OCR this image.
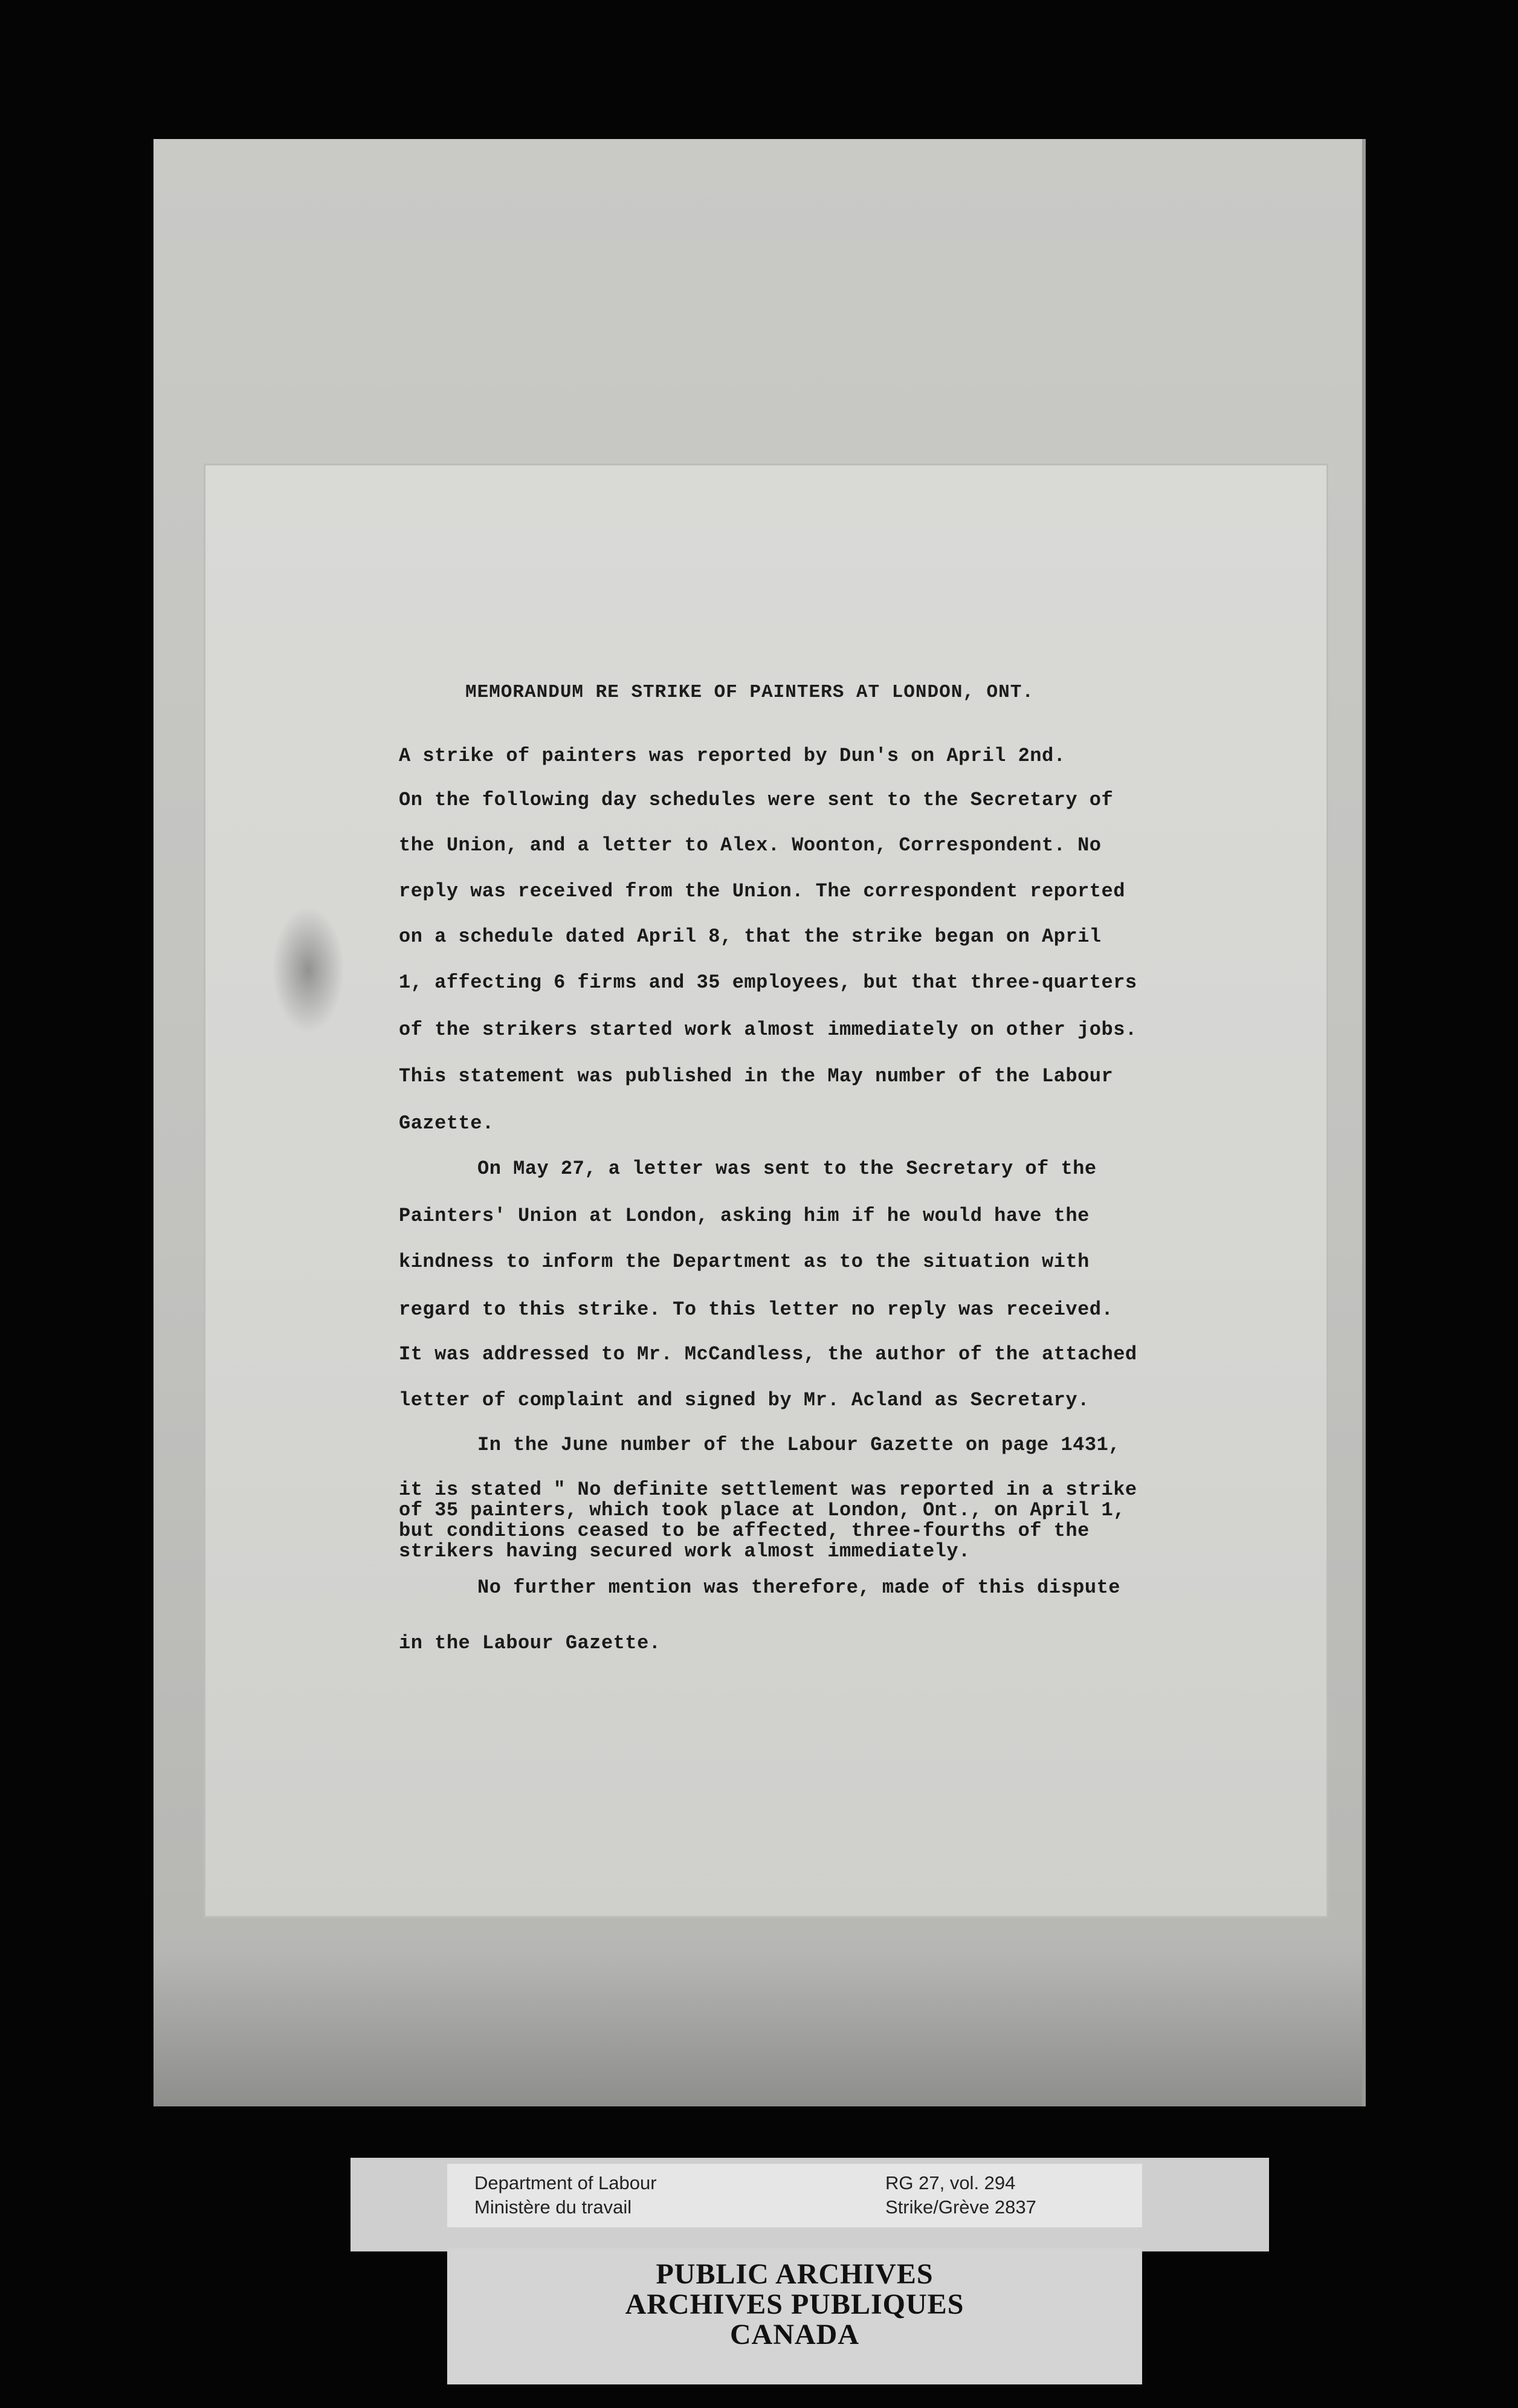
MEMORANDUM RE STRIKE OF PAINTERS AT LONDON, ONT.
A strike of painters was reported by Dun's on April 2nd.
On the following day schedules were sent to the Secretary of
the Union, and a letter to Alex. Woonton, Correspondent. No
reply was received from the Union. The correspondent reported
on a schedule dated April 8, that the strike began on April
1, affecting 6 firms and 35 employees, but that three-quarters
of the strikers started work almost immediately on other jobs.
This statement was published in the May number of the Labour
Gazette.
On May 27, a letter was sent to the Secretary of the
Painters' Union at London, asking him if he would have the
kindness to inform the Department as to the situation with
regard to this strike. To this letter no reply was received.
It was addressed to Mr. McCandless, the author of the attached
letter of complaint and signed by Mr. Acland as Secretary.
In the June number of the Labour Gazette on page 1431,
it is stated " No definite settlement was reported in a strike
of 35 painters, which took place at London, Ont., on April 1,
but conditions ceased to be affected, three-fourths of the
strikers having secured work almost immediately.
No further mention was therefore, made of this dispute
in the Labour Gazette.
Department of Labour
Ministère du travail
RG 27, vol. 294
Strike/Grève 2837
PUBLIC ARCHIVES
ARCHIVES PUBLIQUES
CANADA
